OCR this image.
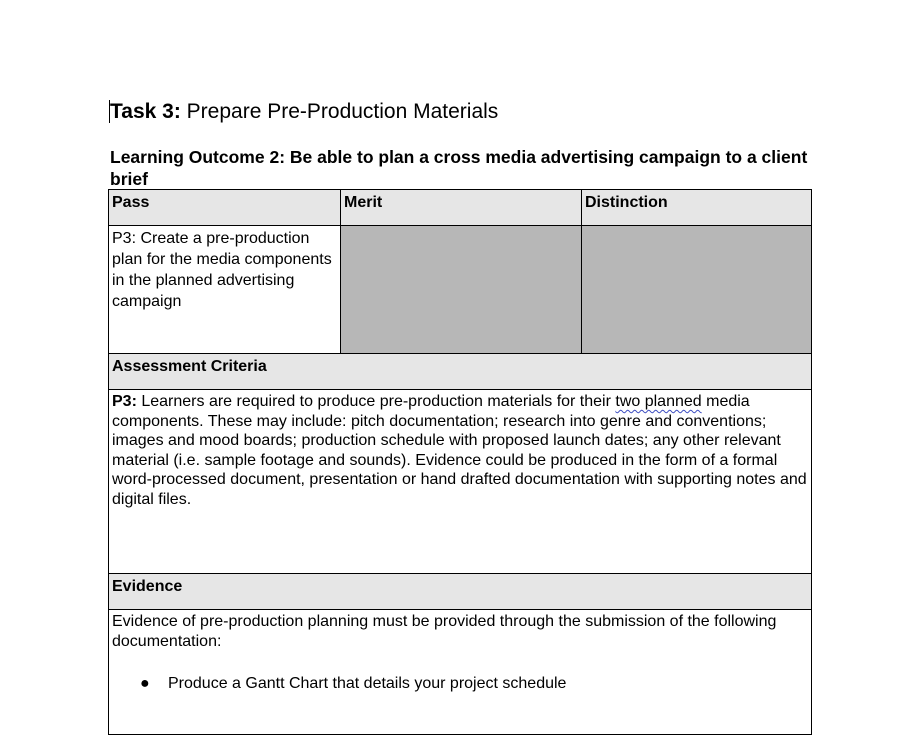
Task 3: Prepare Pre-Production Materials
Learning Outcome 2: Be able to plan a cross media advertising campaign to a client brief
Pass	Merit	Distinction
P3: Create a pre-production plan for the media components in the planned advertising campaign		
Assessment Criteria		
P3: Learners are required to produce pre-production materials for their two planned media components. These may include: pitch documentation; research into genre and conventions; images and mood boards; production schedule with proposed launch dates; any other relevant material (i.e. sample footage and sounds). Evidence could be produced in the form of a formal word-processed document, presentation or hand drafted documentation with supporting notes and digital files.		
Evidence		

Evidence of pre-production planning must be provided through the submission of the following documentation:
● Produce a Gantt Chart that details your project schedule		
